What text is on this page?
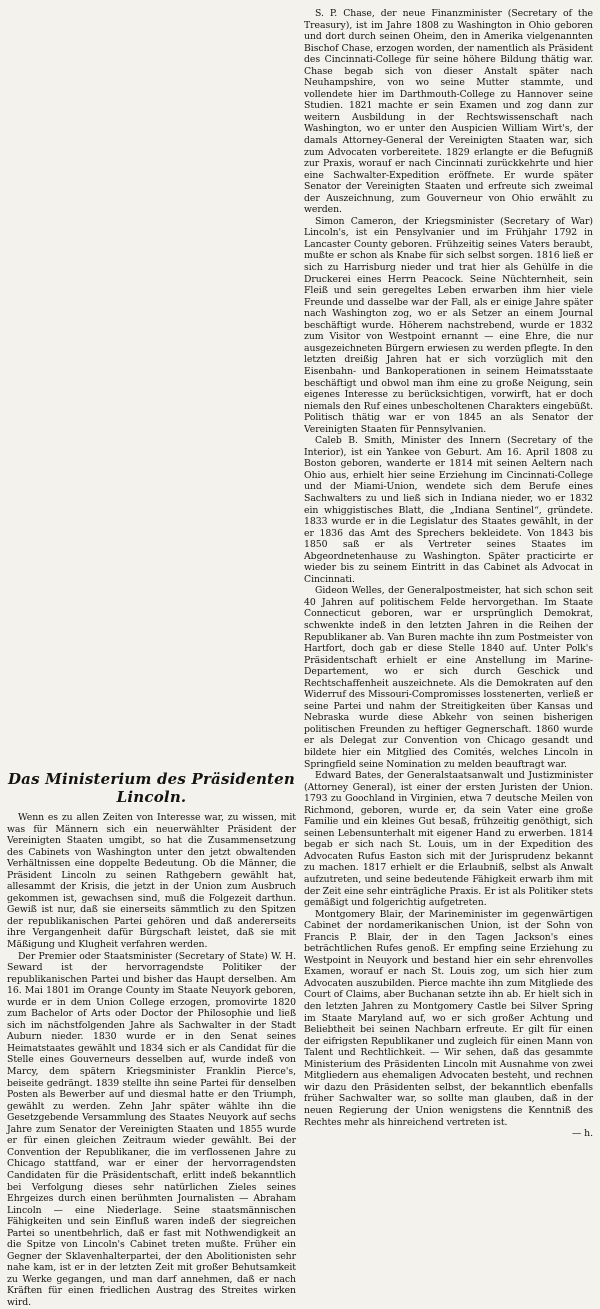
Das Ministerium des Präsidenten Lincoln.

Wenn es zu allen Zeiten von Interesse war, zu wissen, mit was für Männern sich ein neuerwählter Präsident der Vereinigten Staaten umgibt, so hat die Zusammensetzung des Cabinets von Washington unter den jetzt obwaltenden Verhältnissen eine doppelte Bedeutung. Ob die Männer, die Präsident Lincoln zu seinen Rathgebern gewählt hat, allesammt der Krisis, die jetzt in der Union zum Ausbruch gekommen ist, gewachsen sind, muß die Folgezeit darthun. Gewiß ist nur, daß sie einerseits sämmtlich zu den Spitzen der republikanischen Partei gehören und daß andererseits ihre Vergangenheit dafür Bürgschaft leistet, daß sie mit Mäßigung und Klugheit verfahren werden.

Der Premier oder Staatsminister (Secretary of State) W. H. Seward ist der hervorragendste Politiker der republikanischen Partei und bisher das Haupt derselben. Am 16. Mai 1801 im Orange County im Staate Neuyork geboren, wurde er in dem Union College erzogen, promovirte 1820 zum Bachelor of Arts oder Doctor der Philosophie und ließ sich im nächstfolgenden Jahre als Sachwalter in der Stadt Auburn nieder. 1830 wurde er in den Senat seines Heimatstaates gewählt und 1834 sich er als Candidat für die Stelle eines Gouverneurs desselben auf, wurde indeß von Marcy, dem spätern Kriegsminister Franklin Pierce's, beiseite gedrängt. 1839 stellte ihn seine Partei für denselben Posten als Bewerber auf und diesmal hatte er den Triumph, gewählt zu werden. Zehn Jahr später wählte ihn die Gesetzgebende Versammlung des Staates Neuyork auf sechs Jahre zum Senator der Vereinigten Staaten und 1855 wurde er für einen gleichen Zeitraum wieder gewählt. Bei der Convention der Republikaner, die im verflossenen Jahre zu Chicago stattfand, war er einer der hervorragendsten Candidaten für die Präsidentschaft, erlitt indeß bekanntlich bei Verfolgung dieses sehr natürlichen Zieles seines Ehrgeizes durch einen berühmten Journalisten — Abraham Lincoln — eine Niederlage. Seine staatsmännischen Fähigkeiten und sein Einfluß waren indeß der siegreichen Partei so unentbehrlich, daß er fast mit Nothwendigkeit an die Spitze von Lincoln's Cabinet treten mußte. Früher ein Gegner der Sklavenhalterpartei, der den Abolitionisten sehr nahe kam, ist er in der letzten Zeit mit großer Behutsamkeit zu Werke gegangen, und man darf annehmen, daß er nach Kräften für einen friedlichen Austrag des Streites wirken wird.

S. P. Chase, der neue Finanzminister (Secretary of the Treasury), ist im Jahre 1808 zu Washington in Ohio geboren und dort durch seinen Oheim, den in Amerika vielgenannten Bischof Chase, erzogen worden, der namentlich als Präsident des Cincinnati-College für seine höhere Bildung thätig war. Chase begab sich von dieser Anstalt später nach Neuhampshire, von wo seine Mutter stammte, und vollendete hier im Darthmouth-College zu Hannover seine Studien. 1821 machte er sein Examen und zog dann zur weitern Ausbildung in der Rechtswissenschaft nach Washington, wo er unter den Auspicien William Wirt's, der damals Attorney-General der Vereinigten Staaten war, sich zum Advocaten vorbereitete. 1829 erlangte er die Befugniß zur Praxis, worauf er nach Cincinnati zurückkehrte und hier eine Sachwalter-Expedition eröffnete. Er wurde später Senator der Vereinigten Staaten und erfreute sich zweimal der Auszeichnung, zum Gouverneur von Ohio erwählt zu werden.

Simon Cameron, der Kriegsminister (Secretary of War) Lincoln's, ist ein Pensylvanier und im Frühjahr 1792 in Lancaster County geboren. Frühzeitig seines Vaters beraubt, mußte er schon als Knabe für sich selbst sorgen. 1816 ließ er sich zu Harrisburg nieder und trat hier als Gehülfe in die Druckerei eines Herrn Peacock. Seine Nüchternheit, sein Fleiß und sein geregeltes Leben erwarben ihm hier viele Freunde und dasselbe war der Fall, als er einige Jahre später nach Washington zog, wo er als Setzer an einem Journal beschäftigt wurde. Höherem nachstrebend, wurde er 1832 zum Visitor von Westpoint ernannt — eine Ehre, die nur ausgezeichneten Bürgern erwiesen zu werden pflegte. In den letzten dreißig Jahren hat er sich vorzüglich mit den Eisenbahn- und Bankoperationen in seinem Heimatsstaate beschäftigt und obwol man ihm eine zu große Neigung, sein eigenes Interesse zu berücksichtigen, vorwirft, hat er doch niemals den Ruf eines unbescholtenen Charakters eingebüßt. Politisch thätig war er von 1845 an als Senator der Vereinigten Staaten für Pennsylvanien.

Caleb B. Smith, Minister des Innern (Secretary of the Interior), ist ein Yankee von Geburt. Am 16. April 1808 zu Boston geboren, wanderte er 1814 mit seinen Aeltern nach Ohio aus, erhielt hier seine Erziehung im Cincinnati-College und der Miami-Union, wendete sich dem Berufe eines Sachwalters zu und ließ sich in Indiana nieder, wo er 1832 ein whiggistisches Blatt, die „Indiana Sentinel“, gründete. 1833 wurde er in die Legislatur des Staates gewählt, in der er 1836 das Amt des Sprechers bekleidete. Von 1843 bis 1850 saß er als Vertreter seines Staates im Abgeordnetenhause zu Washington. Später practicirte er wieder bis zu seinem Eintritt in das Cabinet als Advocat in Cincinnati.

Gideon Welles, der Generalpostmeister, hat sich schon seit 40 Jahren auf politischem Felde hervorgethan. Im Staate Connecticut geboren, war er ursprünglich Demokrat, schwenkte indeß in den letzten Jahren in die Reihen der Republikaner ab. Van Buren machte ihn zum Postmeister von Hartfort, doch gab er diese Stelle 1840 auf. Unter Polk's Präsidentschaft erhielt er eine Anstellung im Marine-Departement, wo er sich durch Geschick und Rechtschaffenheit auszeichnete. Als die Demokraten auf den Widerruf des Missouri-Compromisses losstenerten, verließ er seine Partei und nahm der Streitigkeiten über Kansas und Nebraska wurde diese Abkehr von seinen bisherigen politischen Freunden zu heftiger Gegnerschaft. 1860 wurde er als Delegat zur Convention von Chicago gesandt und bildete hier ein Mitglied des Comités, welches Lincoln in Springfield seine Nomination zu melden beauftragt war.

Edward Bates, der Generalstaatsanwalt und Justizminister (Attorney General), ist einer der ersten Juristen der Union. 1793 zu Goochland in Virginien, etwa 7 deutsche Meilen von Richmond, geboren, wurde er, da sein Vater eine große Familie und ein kleines Gut besaß, frühzeitig genöthigt, sich seinen Lebensunterhalt mit eigener Hand zu erwerben. 1814 begab er sich nach St. Louis, um in der Expedition des Advocaten Rufus Easton sich mit der Jurisprudenz bekannt zu machen. 1817 erhielt er die Erlaubniß, selbst als Anwalt aufzutreten, und seine bedeutende Fähigkeit erwarb ihm mit der Zeit eine sehr einträgliche Praxis. Er ist als Politiker stets gemäßigt und folgerichtig aufgetreten.

Montgomery Blair, der Marineminister im gegenwärtigen Cabinet der nordamerikanischen Union, ist der Sohn von Francis P. Blair, der in den Tagen Jackson's eines beträchtlichen Rufes genoß. Er empfing seine Erziehung zu Westpoint in Neuyork und bestand hier ein sehr ehrenvolles Examen, worauf er nach St. Louis zog, um sich hier zum Advocaten auszubilden. Pierce machte ihn zum Mitgliede des Court of Claims, aber Buchanan setzte ihn ab. Er hielt sich in den letzten Jahren zu Montgomery Castle bei Silver Spring im Staate Maryland auf, wo er sich großer Achtung und Beliebtheit bei seinen Nachbarn erfreute. Er gilt für einen der eifrigsten Republikaner und zugleich für einen Mann von Talent und Rechtlichkeit. — Wir sehen, daß das gesammte Ministerium des Präsidenten Lincoln mit Ausnahme von zwei Mitgliedern aus ehemaligen Advocaten besteht, und rechnen wir dazu den Präsidenten selbst, der bekanntlich ebenfalls früher Sachwalter war, so sollte man glauben, daß in der neuen Regierung der Union wenigstens die Kenntniß des Rechtes mehr als hinreichend vertreten ist.

— h.
